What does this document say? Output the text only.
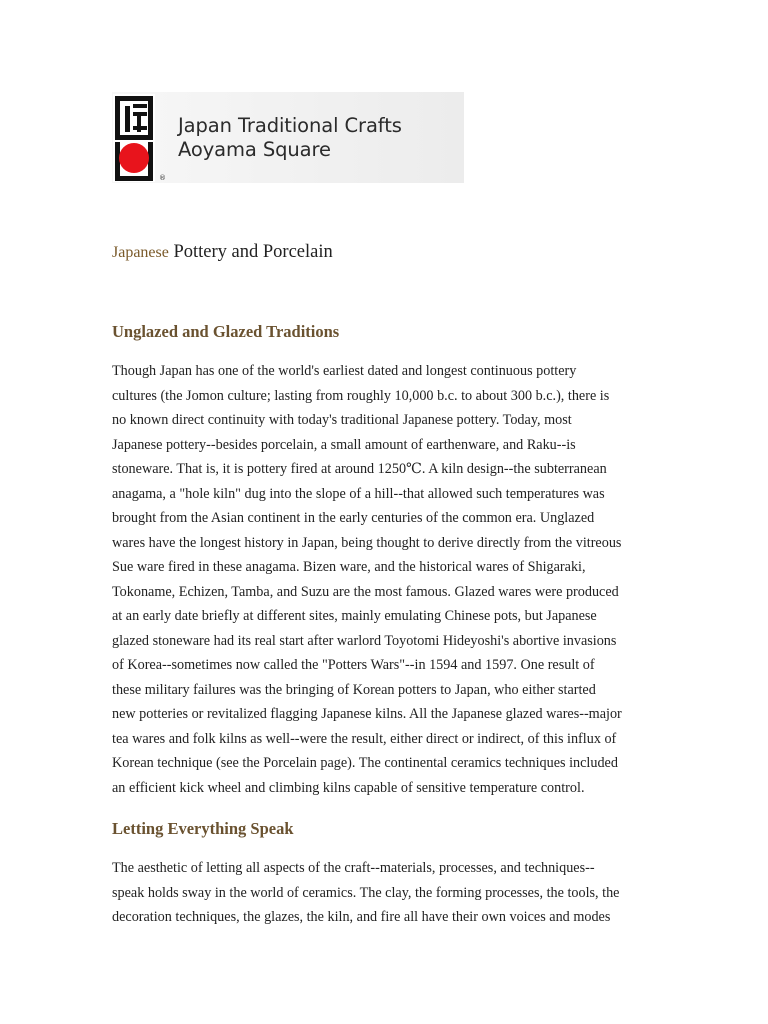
®
Japan Traditional Crafts
Aoyama Square
Japanese Pottery and Porcelain
Unglazed and Glazed Traditions
Though Japan has one of the world's earliest dated and longest continuous pottery
cultures (the Jomon culture; lasting from roughly 10,000 b.c. to about 300 b.c.), there is
no known direct continuity with today's traditional Japanese pottery. Today, most
Japanese pottery--besides porcelain, a small amount of earthenware, and Raku--is
stoneware. That is, it is pottery fired at around 1250℃. A kiln design--the subterranean
anagama, a "hole kiln" dug into the slope of a hill--that allowed such temperatures was
brought from the Asian continent in the early centuries of the common era. Unglazed
wares have the longest history in Japan, being thought to derive directly from the vitreous
Sue ware fired in these anagama. Bizen ware, and the historical wares of Shigaraki,
Tokoname, Echizen, Tamba, and Suzu are the most famous. Glazed wares were produced
at an early date briefly at different sites, mainly emulating Chinese pots, but Japanese
glazed stoneware had its real start after warlord Toyotomi Hideyoshi's abortive invasions
of Korea--sometimes now called the "Potters Wars"--in 1594 and 1597. One result of
these military failures was the bringing of Korean potters to Japan, who either started
new potteries or revitalized flagging Japanese kilns. All the Japanese glazed wares--major
tea wares and folk kilns as well--were the result, either direct or indirect, of this influx of
Korean technique (see the Porcelain page). The continental ceramics techniques included
an efficient kick wheel and climbing kilns capable of sensitive temperature control.
Letting Everything Speak
The aesthetic of letting all aspects of the craft--materials, processes, and techniques--
speak holds sway in the world of ceramics. The clay, the forming processes, the tools, the
decoration techniques, the glazes, the kiln, and fire all have their own voices and modes
